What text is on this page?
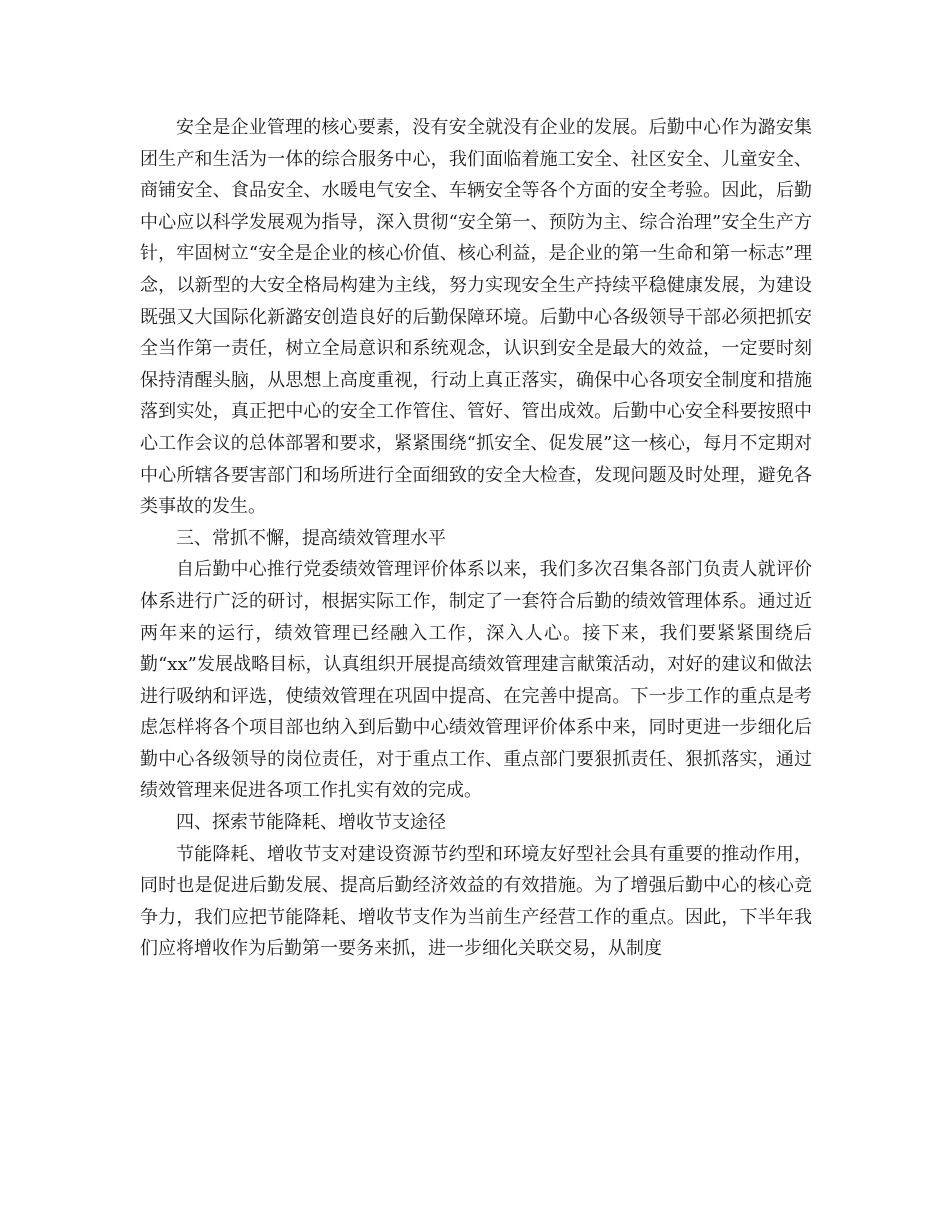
安全是企业管理的核心要素，没有安全就没有企业的发展。后勤中心作为潞安集团生产和生活为一体的综合服务中心，我们面临着施工安全、社区安全、儿童安全、商铺安全、食品安全、水暖电气安全、车辆安全等各个方面的安全考验。因此，后勤中心应以科学发展观为指导，深入贯彻“安全第一、预防为主、综合治理”安全生产方针，牢固树立“安全是企业的核心价值、核心利益，是企业的第一生命和第一标志”理念，以新型的大安全格局构建为主线，努力实现安全生产持续平稳健康发展，为建设既强又大国际化新潞安创造良好的后勤保障环境。后勤中心各级领导干部必须把抓安全当作第一责任，树立全局意识和系统观念，认识到安全是最大的效益，一定要时刻保持清醒头脑，从思想上高度重视，行动上真正落实，确保中心各项安全制度和措施落到实处，真正把中心的安全工作管住、管好、管出成效。后勤中心安全科要按照中心工作会议的总体部署和要求，紧紧围绕“抓安全、促发展”这一核心，每月不定期对中心所辖各要害部门和场所进行全面细致的安全大检查，发现问题及时处理，避免各类事故的发生。

三、常抓不懈，提高绩效管理水平

自后勤中心推行党委绩效管理评价体系以来，我们多次召集各部门负责人就评价体系进行广泛的研讨，根据实际工作，制定了一套符合后勤的绩效管理体系。通过近两年来的运行，绩效管理已经融入工作，深入人心。接下来，我们要紧紧围绕后勤“xx”发展战略目标，认真组织开展提高绩效管理建言献策活动，对好的建议和做法进行吸纳和评选，使绩效管理在巩固中提高、在完善中提高。下一步工作的重点是考虑怎样将各个项目部也纳入到后勤中心绩效管理评价体系中来，同时更进一步细化后勤中心各级领导的岗位责任，对于重点工作、重点部门要狠抓责任、狠抓落实，通过绩效管理来促进各项工作扎实有效的完成。

四、探索节能降耗、增收节支途径

节能降耗、增收节支对建设资源节约型和环境友好型社会具有重要的推动作用，同时也是促进后勤发展、提高后勤经济效益的有效措施。为了增强后勤中心的核心竞争力，我们应把节能降耗、增收节支作为当前生产经营工作的重点。因此，下半年我们应将增收作为后勤第一要务来抓，进一步细化关联交易，从制度
